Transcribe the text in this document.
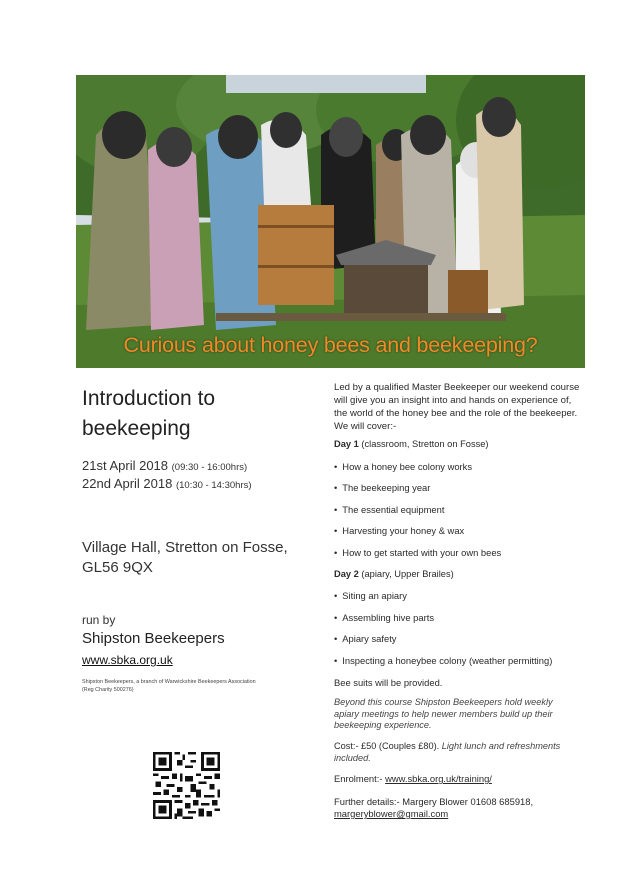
Curious about honey bees and beekeeping?

Introduction to

beekeeping

21st April 2018 (09:30 - 16:00hrs)
22nd April 2018 (10:30 - 14:30hrs)
Village Hall, Stretton on Fosse,
GL56 9QX
run by
Shipston Beekeepers
www.sbka.org.uk
Shipston Beekeepers, a branch of Warwickshire Beekeepers Association
(Reg Charity 500276)

Led by a qualified Master Beekeeper our weekend course will give you an insight into and hands on experience of, the world of the honey bee and the role of the beekeeper. We will cover:-

Day 1 (classroom, Stretton on Fosse)
• How a honey bee colony works
• The beekeeping year
• The essential equipment
• Harvesting your honey & wax
• How to get started with your own bees
Day 2 (apiary, Upper Brailes)
• Siting an apiary
• Assembling hive parts
• Apiary safety
• Inspecting a honeybee colony (weather permitting)
Bee suits will be provided.
Beyond this course Shipston Beekeepers hold weekly apiary meetings to help newer members build up their beekeeping experience.
Cost:- £50 (Couples £80). Light lunch and refreshments included.
Enrolment:- www.sbka.org.uk/training/
Further details:- Margery Blower 01608 685918,
margeryblower@gmail.com
